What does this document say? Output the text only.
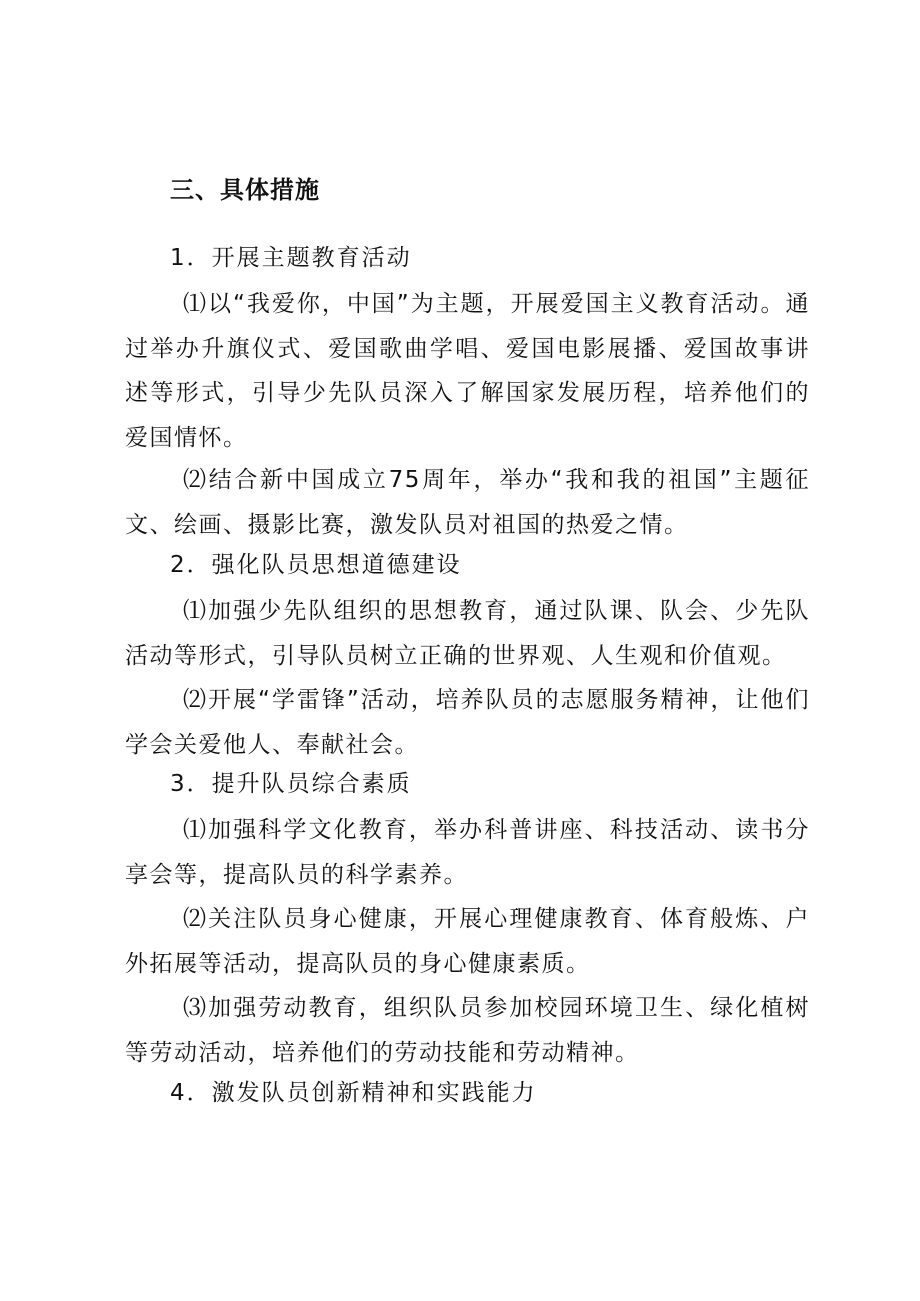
三、具体措施
1．开展主题教育活动
⑴以“我爱你，中国”为主题，开展爱国主义教育活动。通过举办升旗仪式、爱国歌曲学唱、爱国电影展播、爱国故事讲述等形式，引导少先队员深入了解国家发展历程，培养他们的爱国情怀。
⑵结合新中国成立75周年，举办“我和我的祖国”主题征文、绘画、摄影比赛，激发队员对祖国的热爱之情。
2．强化队员思想道德建设
⑴加强少先队组织的思想教育，通过队课、队会、少先队活动等形式，引导队员树立正确的世界观、人生观和价值观。
⑵开展“学雷锋”活动，培养队员的志愿服务精神，让他们学会关爱他人、奉献社会。
3．提升队员综合素质
⑴加强科学文化教育，举办科普讲座、科技活动、读书分享会等，提高队员的科学素养。
⑵关注队员身心健康，开展心理健康教育、体育般炼、户外拓展等活动，提高队员的身心健康素质。
⑶加强劳动教育，组织队员参加校园环境卫生、绿化植树等劳动活动，培养他们的劳动技能和劳动精神。
4．激发队员创新精神和实践能力
